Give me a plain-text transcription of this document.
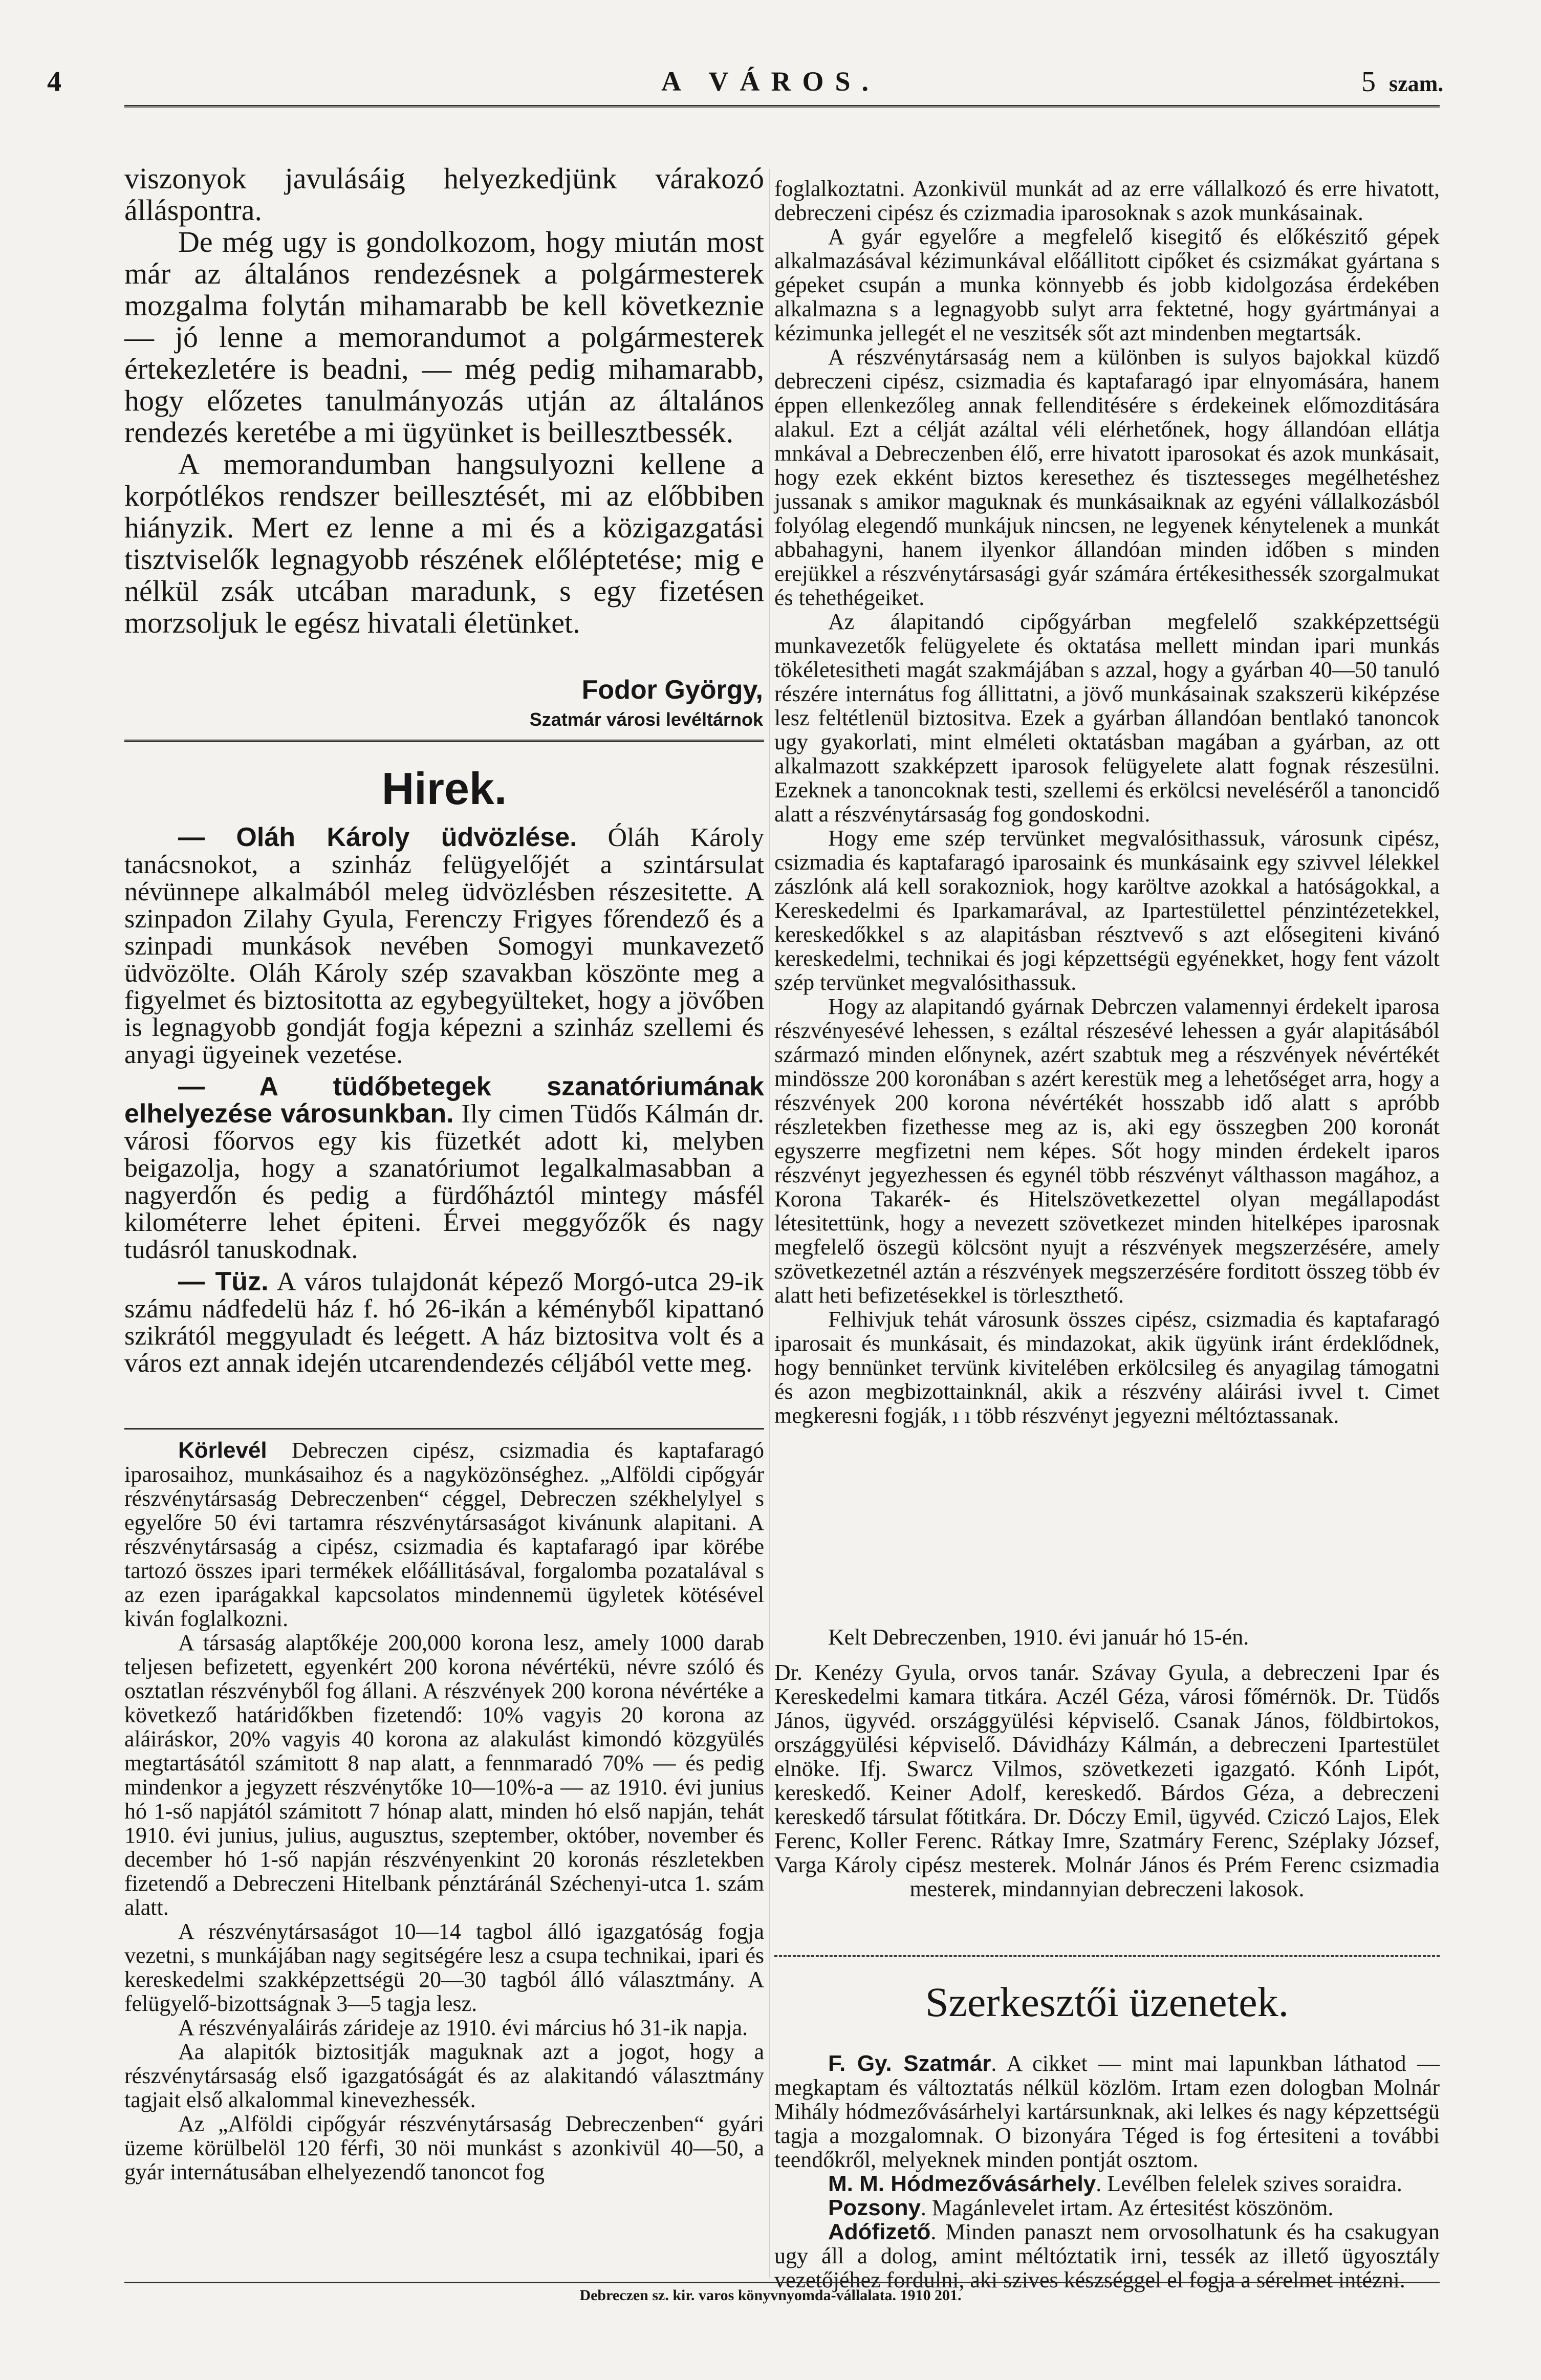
4	A VÁROS.	5 szam.

viszonyok javulásáig helyezkedjünk várakozó álláspontra.

De még ugy is gondolkozom, hogy miután most már az általános rendezésnek a polgármesterek mozgalma folytán mihamarabb be kell következnie — jó lenne a memorandumot a polgármesterek értekezletére is beadni, — még pedig mihamarabb, hogy előzetes tanulmányozás utján az általános rendezés keretébe a mi ügyünket is beillesztbessék.

A memorandumban hangsulyozni kellene a korpótlékos rendszer beillesztését, mi az előbbiben hiányzik. Mert ez lenne a mi és a közigazgatási tisztviselők legnagyobb részének előléptetése; mig e nélkül zsák utcában maradunk, s egy fizetésen morzsoljuk le egész hivatali életünket.

Fodor György,
Szatmár városi levéltárnok
Hirek.

— Oláh Károly üdvözlése. Óláh Károly tanácsnokot, a szinház felügyelőjét a szintársulat névünnepe alkalmából meleg üdvözlésben részesitette. A szinpadon Zilahy Gyula, Ferenczy Frigyes főrendező és a szinpadi munkások nevében Somogyi munkavezető üdvözölte. Oláh Károly szép szavakban köszönte meg a figyelmet és biztositotta az egybegyülteket, hogy a jövőben is legnagyobb gondját fogja képezni a szinház szellemi és anyagi ügyeinek vezetése.

— A tüdőbetegek szanatóriumának elhelyezése városunkban. Ily cimen Tüdős Kálmán dr. városi főorvos egy kis füzetkét adott ki, melyben beigazolja, hogy a szanatóriumot legalkalmasabban a nagyerdőn és pedig a fürdőháztól mintegy másfél kilométerre lehet épiteni. Érvei meggyőzők és nagy tudásról tanuskodnak.

— Tüz. A város tulajdonát képező Morgó-utca 29-ik számu nádfedelü ház f. hó 26-ikán a kéményből kipattanó szikrától meggyuladt és leégett. A ház biztositva volt és a város ezt annak idején utcarendendezés céljából vette meg.

Körlevél Debreczen cipész, csizmadia és kaptafaragó iparosaihoz, munkásaihoz és a nagyközönséghez. „Alföldi cipőgyár részvénytársaság Debreczenben“ céggel, Debreczen székhelylyel s egyelőre 50 évi tartamra részvénytársaságot kivánunk alapitani. A részvénytársaság a cipész, csizmadia és kaptafaragó ipar körébe tartozó összes ipari termékek előállitásával, forgalomba pozatalával s az ezen iparágakkal kapcsolatos mindennemü ügyletek kötésével kiván foglalkozni.

A társaság alaptőkéje 200,000 korona lesz, amely 1000 darab teljesen befizetett, egyenkért 200 korona névértékü, névre szóló és osztatlan részvényből fog állani. A részvények 200 korona névértéke a következő határidőkben fizetendő: 10% vagyis 20 korona az aláiráskor, 20% vagyis 40 korona az alakulást kimondó közgyülés megtartásától számitott 8 nap alatt, a fennmaradó 70% — és pedig mindenkor a jegyzett részvénytőke 10—10%-a — az 1910. évi junius hó 1-ső napjától számitott 7 hónap alatt, minden hó első napján, tehát 1910. évi junius, julius, augusztus, szeptember, október, november és december hó 1-ső napján részvényenkint 20 koronás részletekben fizetendő a Debreczeni Hitelbank pénztáránál Széchenyi-utca 1. szám alatt.

A részvénytársaságot 10—14 tagbol álló igazgatóság fogja vezetni, s munkájában nagy segitségére lesz a csupa technikai, ipari és kereskedelmi szakképzettségü 20—30 tagból álló választmány. A felügyelő-bizottságnak 3—5 tagja lesz.

A részvényaláirás zárideje az 1910. évi március hó 31-ik napja.

Aa alapitók biztositják maguknak azt a jogot, hogy a részvénytársaság első igazgatóságát és az alakitandó választmány tagjait első alkalommal kinevezhessék.

Az „Alföldi cipőgyár részvénytársaság Debreczenben“ gyári üzeme körülbelöl 120 férfi, 30 nöi munkást s azonkivül 40—50, a gyár internátusában elhelyezendő tanoncot fog

foglalkoztatni. Azonkivül munkát ad az erre vállalkozó és erre hivatott, debreczeni cipész és czizmadia iparosoknak s azok munkásainak.

A gyár egyelőre a megfelelő kisegitő és előkészitő gépek alkalmazásával kézimunkával előállitott cipőket és csizmákat gyártana s gépeket csupán a munka könnyebb és jobb kidolgozása érdekében alkalmazna s a legnagyobb sulyt arra fektetné, hogy gyártmányai a kézimunka jellegét el ne veszitsék sőt azt mindenben megtartsák.

A részvénytársaság nem a különben is sulyos bajokkal küzdő debreczeni cipész, csizmadia és kaptafaragó ipar elnyomására, hanem éppen ellenkezőleg annak fellenditésére s érdekeinek előmozditására alakul. Ezt a célját azáltal véli elérhetőnek, hogy állandóan ellátja mnkával a Debreczenben élő, erre hivatott iparosokat és azok munkásait, hogy ezek ekként biztos keresethez és tisztesseges megélhetéshez jussanak s amikor maguknak és munkásaiknak az egyéni vállalkozásból folyólag elegendő munkájuk nincsen, ne legyenek kénytelenek a munkát abbahagyni, hanem ilyenkor állandóan minden időben s minden erejükkel a részvénytársasági gyár számára értékesithessék szorgalmukat és tehethégeiket.

Az álapitandó cipőgyárban megfelelő szakképzettségü munkavezetők felügyelete és oktatása mellett mindan ipari munkás tökéletesitheti magát szakmájában s azzal, hogy a gyárban 40—50 tanuló részére internátus fog állittatni, a jövő munkásainak szakszerü kiképzése lesz feltétlenül biztositva. Ezek a gyárban állandóan bentlakó tanoncok ugy gyakorlati, mint elméleti oktatásban magában a gyárban, az ott alkalmazott szakképzett iparosok felügyelete alatt fognak részesülni. Ezeknek a tanoncoknak testi, szellemi és erkölcsi neveléséről a tanoncidő alatt a részvénytársaság fog gondoskodni.

Hogy eme szép tervünket megvalósithassuk, városunk cipész, csizmadia és kaptafaragó iparosaink és munkásaink egy szivvel lélekkel zászlónk alá kell sorakozniok, hogy karöltve azokkal a hatóságokkal, a Kereskedelmi és Iparkamarával, az Ipartestülettel pénzintézetekkel, kereskedőkkel s az alapitásban résztvevő s azt elősegiteni kivánó kereskedelmi, technikai és jogi képzettségü egyénekket, hogy fent vázolt szép tervünket megvalósithassuk.

Hogy az alapitandó gyárnak Debrczen valamennyi érdekelt iparosa részvényesévé lehessen, s ezáltal részesévé lehessen a gyár alapitásából származó minden előnynek, azért szabtuk meg a részvények névértékét mindössze 200 koronában s azért kerestük meg a lehetőséget arra, hogy a részvények 200 korona névértékét hosszabb idő alatt s apróbb részletekben fizethesse meg az is, aki egy összegben 200 koronát egyszerre megfizetni nem képes. Sőt hogy minden érdekelt iparos részvényt jegyezhessen és egynél több részvényt válthasson magához, a Korona Takarék- és Hitelszövetkezettel olyan megállapodást létesitettünk, hogy a nevezett szövetkezet minden hitelképes iparosnak megfelelő öszegü kölcsönt nyujt a részvények megszerzésére, amely szövetkezetnél aztán a részvények megszerzésére forditott összeg több év alatt heti befizetésekkel is törleszthető.

Felhivjuk tehát városunk összes cipész, csizmadia és kaptafaragó iparosait és munkásait, és mindazokat, akik ügyünk iránt érdeklődnek, hogy bennünket tervünk kivitelében erkölcsileg és anyagilag támogatni és azon megbizottainknál, akik a részvény aláirási ivvel t. Cimet megkeresni fogják, ı ı több részvényt jegyezni méltóztassanak.

Kelt Debreczenben, 1910. évi január hó 15-én.

Dr. Kenézy Gyula, orvos tanár. Szávay Gyula, a debreczeni Ipar és Kereskedelmi kamara titkára. Aczél Géza, városi főmérnök. Dr. Tüdős János, ügyvéd. országgyülési képviselő. Csanak János, földbirtokos, országgyülési képviselő. Dávidházy Kálmán, a debreczeni Ipartestület elnöke. Ifj. Swarcz Vilmos, szövetkezeti igazgató. Kónh Lipót, kereskedő. Keiner Adolf, kereskedő. Bárdos Géza, a debreczeni kereskedő társulat főtitkára. Dr. Dóczy Emil, ügyvéd. Cziczó Lajos, Elek Ferenc, Koller Ferenc. Rátkay Imre, Szatmáry Ferenc, Széplaky József, Varga Károly cipész mesterek. Molnár János és Prém Ferenc csizmadia mesterek, mindannyian debreczeni lakosok.

Szerkesztői üzenetek.

F. Gy. Szatmár. A cikket — mint mai lapunkban láthatod — megkaptam és változtatás nélkül közlöm. Irtam ezen dologban Molnár Mihály hódmezővásárhelyi kartársunknak, aki lelkes és nagy képzettségü tagja a mozgalomnak. O bizonyára Téged is fog értesiteni a további teendőkről, melyeknek minden pontját osztom.

M. M. Hódmezővásárhely. Levélben felelek szives soraidra.

Pozsony. Magánlevelet irtam. Az értesitést köszönöm.

Adófizető. Minden panaszt nem orvosolhatunk és ha csakugyan ugy áll a dolog, amint méltóztatik irni, tessék az illető ügyosztály vezetőjéhez fordulni, aki szives készséggel el fogja a sérelmet intézni.

Debreczen sz. kir. varos könyvnyomda-vállalata. 1910 201.
